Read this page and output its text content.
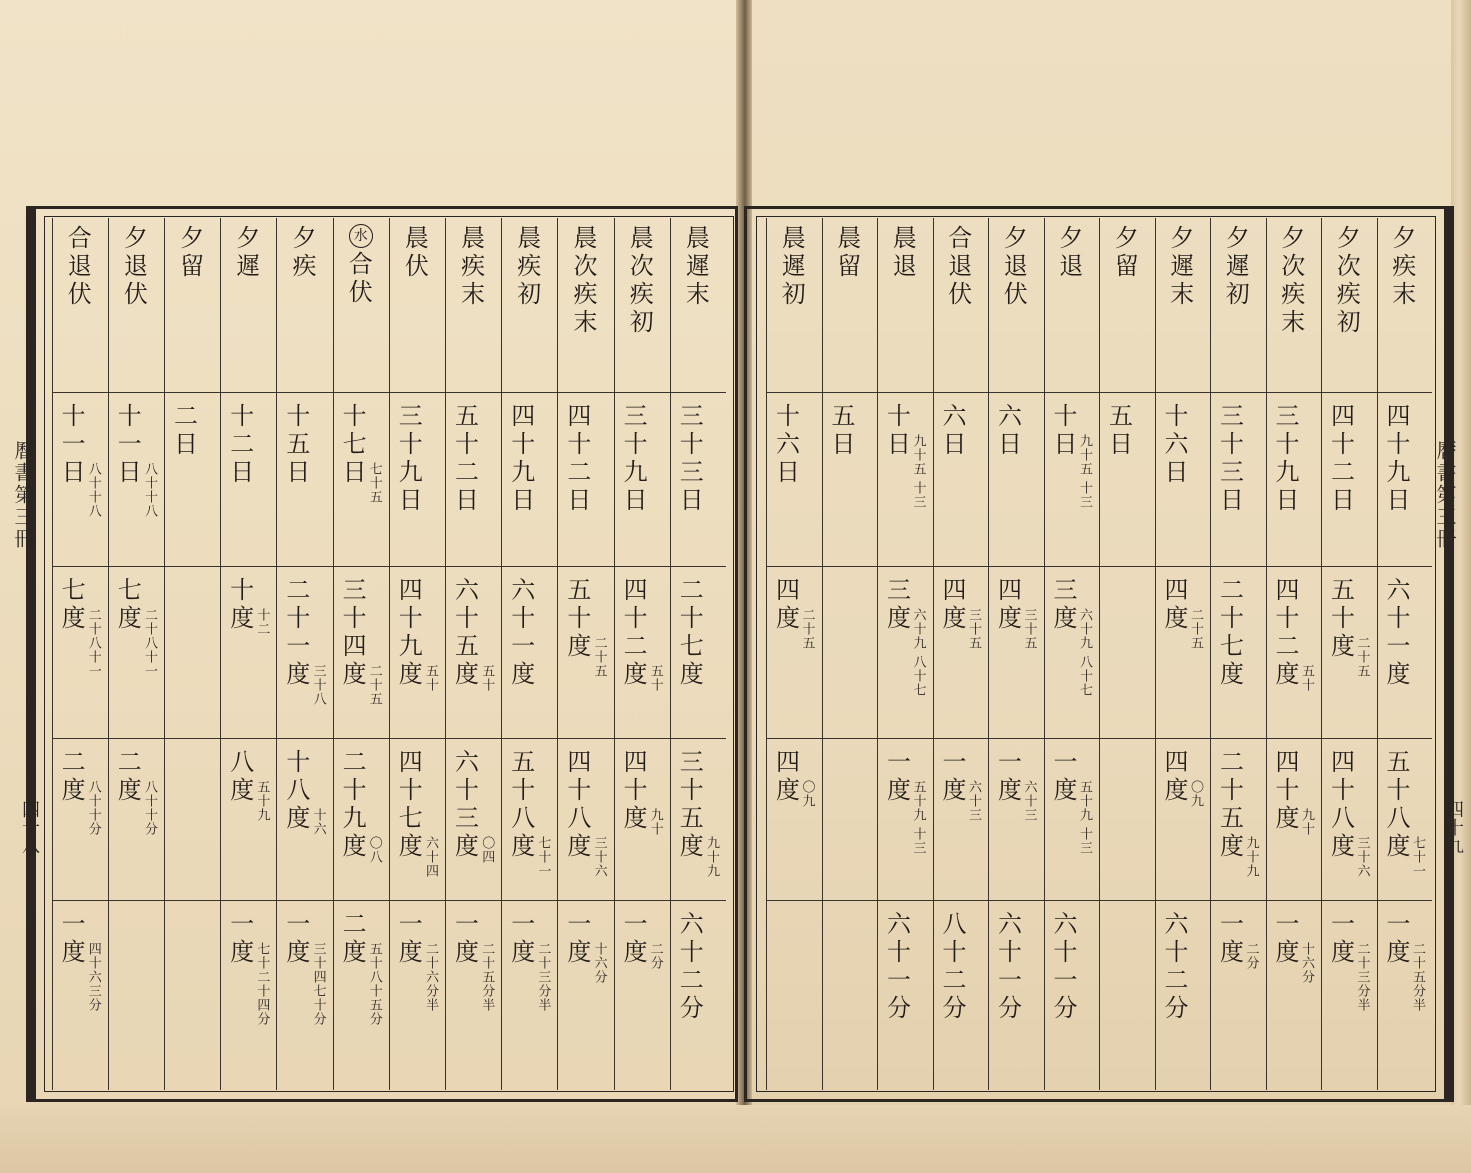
曆書第三冊
四十八
曆書第三冊
四十九
晨
遲
末
三
十
三
日
二
十
七
度
三
十
五
度 九十九
六
十
二
分
晨
次
疾
初
三
十
九
日
四
十
二
度 五十
四
十
度 九十
一
度 二分
晨
次
疾
末
四
十
二
日
五
十
度 二十五
四
十
八
度 三十六
一
度 十六分
晨
疾
初
四
十
九
日
六
十
一
度
五
十
八
度 七十一
一
度 二十三分半
晨
疾
末
五
十
二
日
六
十
五
度 五十
六
十
三
度 〇四
一
度 二十五分半
晨
伏
三
十
九
日
四
十
九
度 五十
四
十
七
度 六十四
一
度 二十六分半
水
合
伏
十
七
日 七十五
三
十
四
度 二十五
二
十
九
度 〇八
二
度 五十八十五分
夕
疾
十
五
日
二
十
一
度 三十八
十
八
度 十六
一
度 三十四七十分
夕
遲
十
二
日
十
度 十二
八
度 五十九
一
度 七十二十四分
夕
留
二
日
夕
退
伏
十
一
日 八十十八
七
度 二十八十一
二
度 八十十分
合
退
伏
十
一
日 八十十八
七
度 二十八十一
二
度 八十十分
一
度 四十六三分
夕
疾
末
四
十
九
日
六
十
一
度
五
十
八
度 七十一
一
度 二十五分半
夕
次
疾
初
四
十
二
日
五
十
度 二十五
四
十
八
度 三十六
一
度 二十三分半
夕
次
疾
末
三
十
九
日
四
十
二
度 五十
四
十
度 九十
一
度 十六分
夕
遲
初
三
十
三
日
二
十
七
度
二
十
五
度 九十九
一
度 二分
夕
遲
末
十
六
日
四
度 二十五
四
度 〇九
六
十
二
分
夕
留
五
日
夕
退
十
日 九十五 十三
三
度 六十九 八十七
一
度 五十九 十三
六
十
一
分
夕
退
伏
六
日
四
度 三十五
一
度 六十三
六
十
一
分
合
退
伏
六
日
四
度 三十五
一
度 六十三
八
十
二
分
晨
退
十
日 九十五 十三
三
度 六十九 八十七
一
度 五十九 十三
六
十
一
分
晨
留
五
日
晨
遲
初
十
六
日
四
度 二十五
四
度 〇九
